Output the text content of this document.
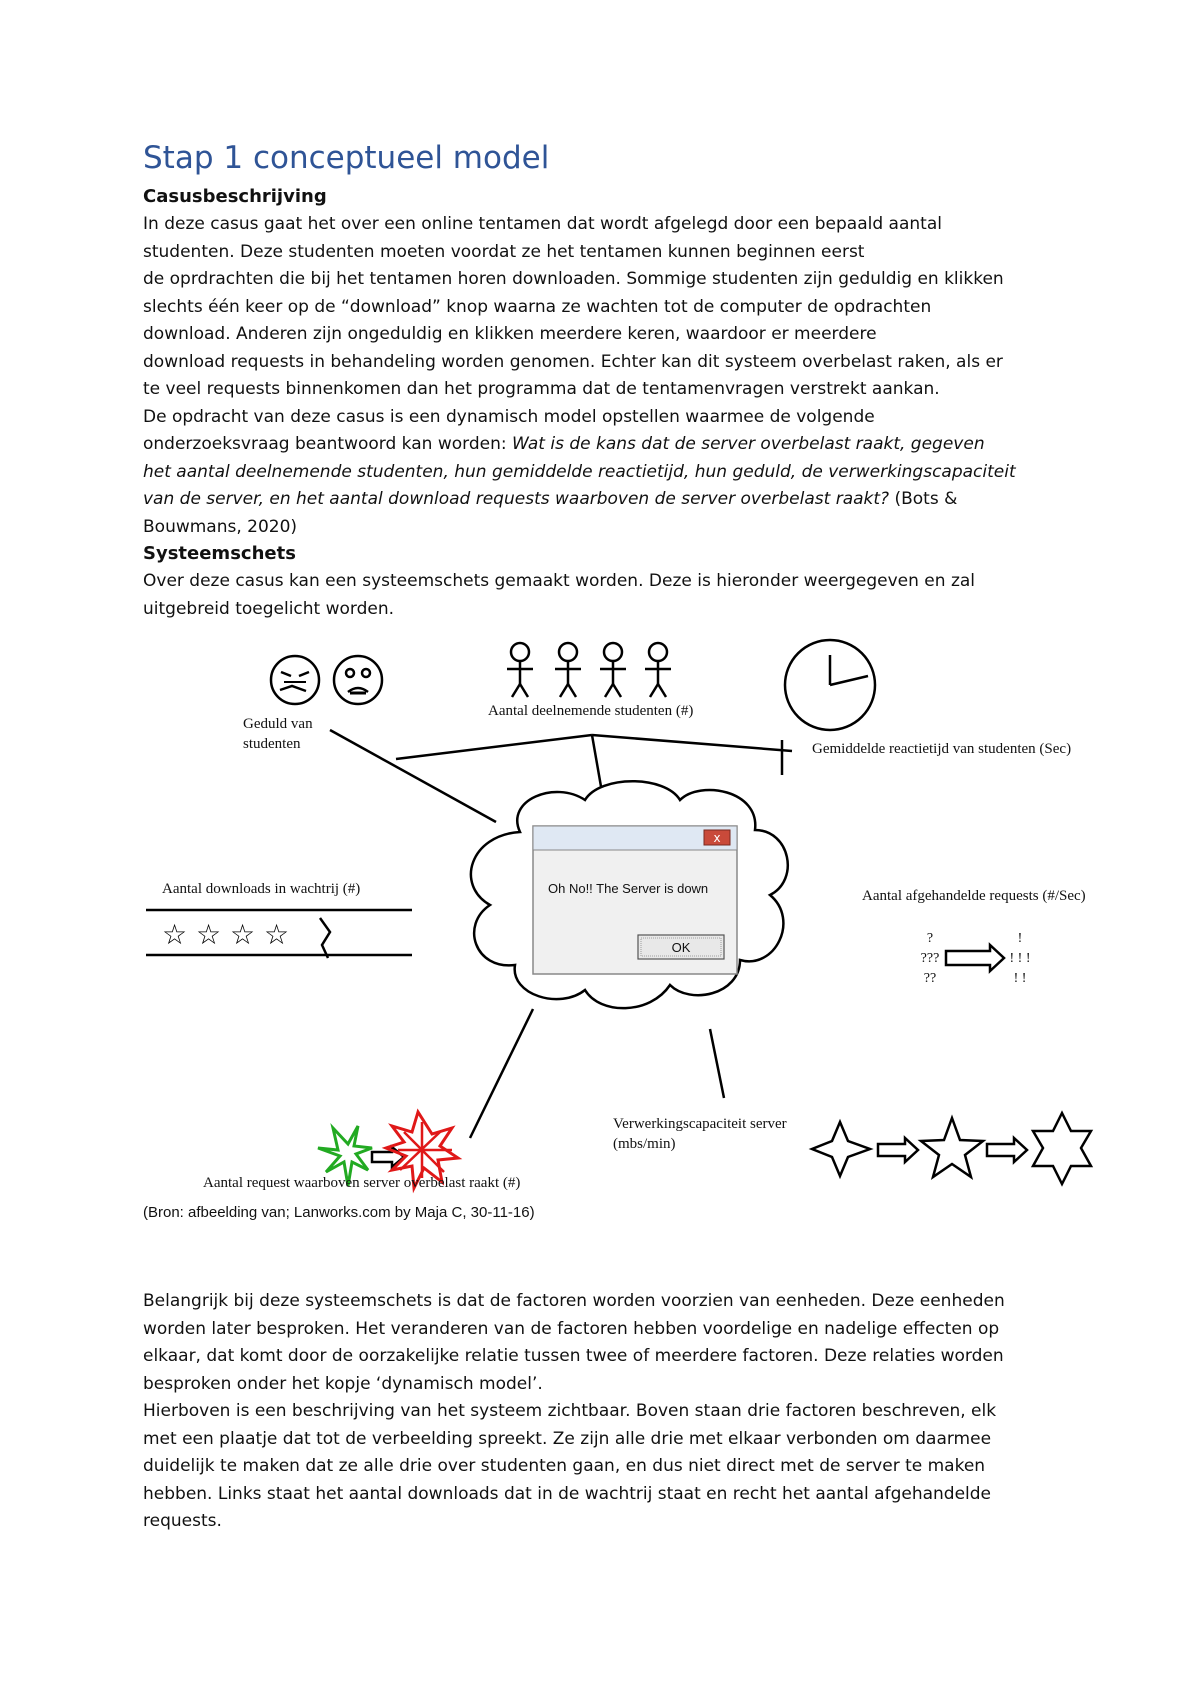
Stap 1 conceptueel model
Casusbeschrijving
In deze casus gaat het over een online tentamen dat wordt afgelegd door een bepaald aantal
studenten. Deze studenten moeten voordat ze het tentamen kunnen beginnen eerst
de oprdrachten die bij het tentamen horen downloaden. Sommige studenten zijn geduldig en klikken
slechts één keer op de “download” knop waarna ze wachten tot de computer de opdrachten
download. Anderen zijn ongeduldig en klikken meerdere keren, waardoor er meerdere
download requests in behandeling worden genomen. Echter kan dit systeem overbelast raken, als er
te veel requests binnenkomen dan het programma dat de tentamenvragen verstrekt aankan.
De opdracht van deze casus is een dynamisch model opstellen waarmee de volgende
onderzoeksvraag beantwoord kan worden: Wat is de kans dat de server overbelast raakt, gegeven
het aantal deelnemende studenten, hun gemiddelde reactietijd, hun geduld, de verwerkingscapaciteit
van de server, en het aantal download requests waarboven de server overbelast raakt? (Bots &
Bouwmans, 2020)
Systeemschets
Over deze casus kan een systeemschets gemaakt worden. Deze is hieronder weergegeven en zal
uitgebreid toegelicht worden.
Geduld van
studenten
Aantal deelnemende studenten (#)
Gemiddelde reactietijd van studenten (Sec)
x
Oh No!! The Server is down
OK
Aantal downloads in wachtrij (#)
☆ ☆ ☆ ☆
Aantal afgehandelde requests (#/Sec)
?
???
??
!
! ! !
! !
Verwerkingscapaciteit server
(mbs/min)
Aantal request waarboven server overbelast raakt (#)
(Bron: afbeelding van; Lanworks.com by Maja C, 30-11-16)
Belangrijk bij deze systeemschets is dat de factoren worden voorzien van eenheden. Deze eenheden
worden later besproken. Het veranderen van de factoren hebben voordelige en nadelige effecten op
elkaar, dat komt door de oorzakelijke relatie tussen twee of meerdere factoren. Deze relaties worden
besproken onder het kopje ‘dynamisch model’.
Hierboven is een beschrijving van het systeem zichtbaar. Boven staan drie factoren beschreven, elk
met een plaatje dat tot de verbeelding spreekt. Ze zijn alle drie met elkaar verbonden om daarmee
duidelijk te maken dat ze alle drie over studenten gaan, en dus niet direct met de server te maken
hebben. Links staat het aantal downloads dat in de wachtrij staat en recht het aantal afgehandelde
requests.
